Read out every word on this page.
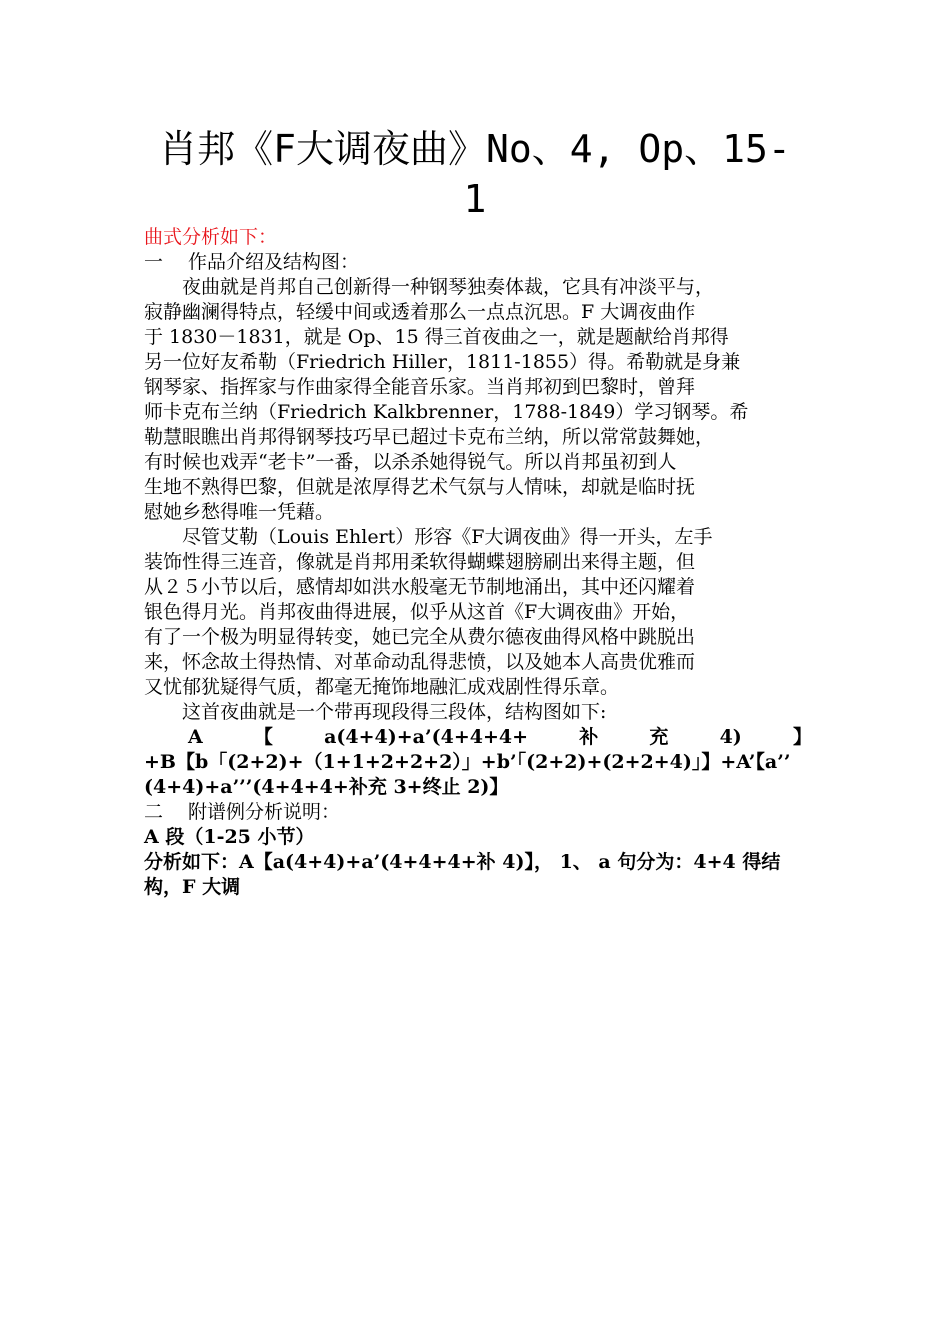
肖邦《F大调夜曲》No、4, Op、15-
1
曲式分析如下：
一　 作品介绍及结构图：
　　夜曲就是肖邦自己创新得一种钢琴独奏体裁，它具有冲淡平与，
寂静幽澜得特点，轻缓中间或透着那么一点点沉思。F 大调夜曲作
于 1830－1831，就是 Op、15 得三首夜曲之一，就是题献给肖邦得
另一位好友希勒（Friedrich Hiller，1811-1855）得。希勒就是身兼
钢琴家、指挥家与作曲家得全能音乐家。当肖邦初到巴黎时，曾拜
师卡克布兰纳（Friedrich Kalkbrenner，1788-1849）学习钢琴。希
勒慧眼瞧出肖邦得钢琴技巧早已超过卡克布兰纳，所以常常鼓舞她，
有时候也戏弄“老卡”一番，以杀杀她得锐气。所以肖邦虽初到人
生地不熟得巴黎，但就是浓厚得艺术气氛与人情味，却就是临时抚
慰她乡愁得唯一凭藉。
　　尽管艾勒（Louis Ehlert）形容《F大调夜曲》得一开头，左手
装饰性得三连音，像就是肖邦用柔软得蝴蝶翅膀刷出来得主题，但
从２５小节以后，感情却如洪水般毫无节制地涌出，其中还闪耀着
银色得月光。肖邦夜曲得进展，似乎从这首《F大调夜曲》开始，
有了一个极为明显得转变，她已完全从费尔德夜曲得风格中跳脱出
来，怀念故土得热情、对革命动乱得悲愤，以及她本人高贵优雅而
又忧郁犹疑得气质，都毫无掩饰地融汇成戏剧性得乐章。
　　这首夜曲就是一个带再现段得三段体，结构图如下:
A	【	a(4+4)+a’(4+4+4+	补	充	4)	】
+B【b「(2+2)+（1+1+2+2+2）」+b’「(2+2)+(2+2+4)」】+A’【a’’
(4+4)+a’’’(4+4+4+补充 3+终止 2)】
二　 附谱例分析说明：
A 段（1-25 小节）
分析如下：A【a(4+4)+a’(4+4+4+补 4)】， 1、 a 句分为：4+4 得结
构，F 大调
